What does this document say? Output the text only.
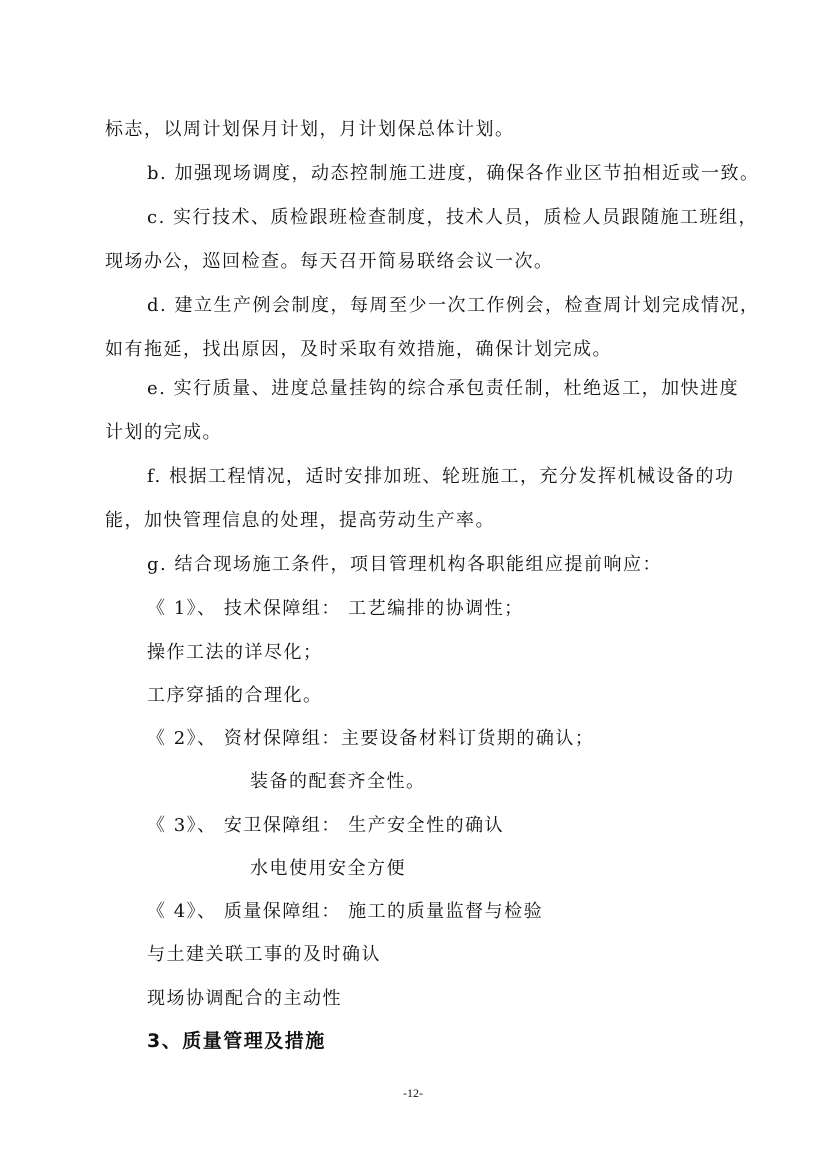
标志，以周计划保月计划，月计划保总体计划。

b. 加强现场调度，动态控制施工进度，确保各作业区节拍相近或一致。

c. 实行技术、质检跟班检查制度，技术人员，质检人员跟随施工班组，

现场办公，巡回检查。每天召开简易联络会议一次。

d. 建立生产例会制度，每周至少一次工作例会，检查周计划完成情况，

如有拖延，找出原因，及时采取有效措施，确保计划完成。

e. 实行质量、进度总量挂钩的综合承包责任制，杜绝返工，加快进度

计划的完成。

f. 根据工程情况，适时安排加班、轮班施工，充分发挥机械设备的功

能，加快管理信息的处理，提高劳动生产率。

g. 结合现场施工条件，项目管理机构各职能组应提前响应：

《 1》、 技术保障组： 工艺编排的协调性；

操作工法的详尽化；

工序穿插的合理化。

《 2》、 资材保障组：主要设备材料订货期的确认；

装备的配套齐全性。

《 3》、 安卫保障组： 生产安全性的确认

水电使用安全方便

《 4》、 质量保障组： 施工的质量监督与检验

与土建关联工事的及时确认

现场协调配合的主动性

3、质量管理及措施
-12-
